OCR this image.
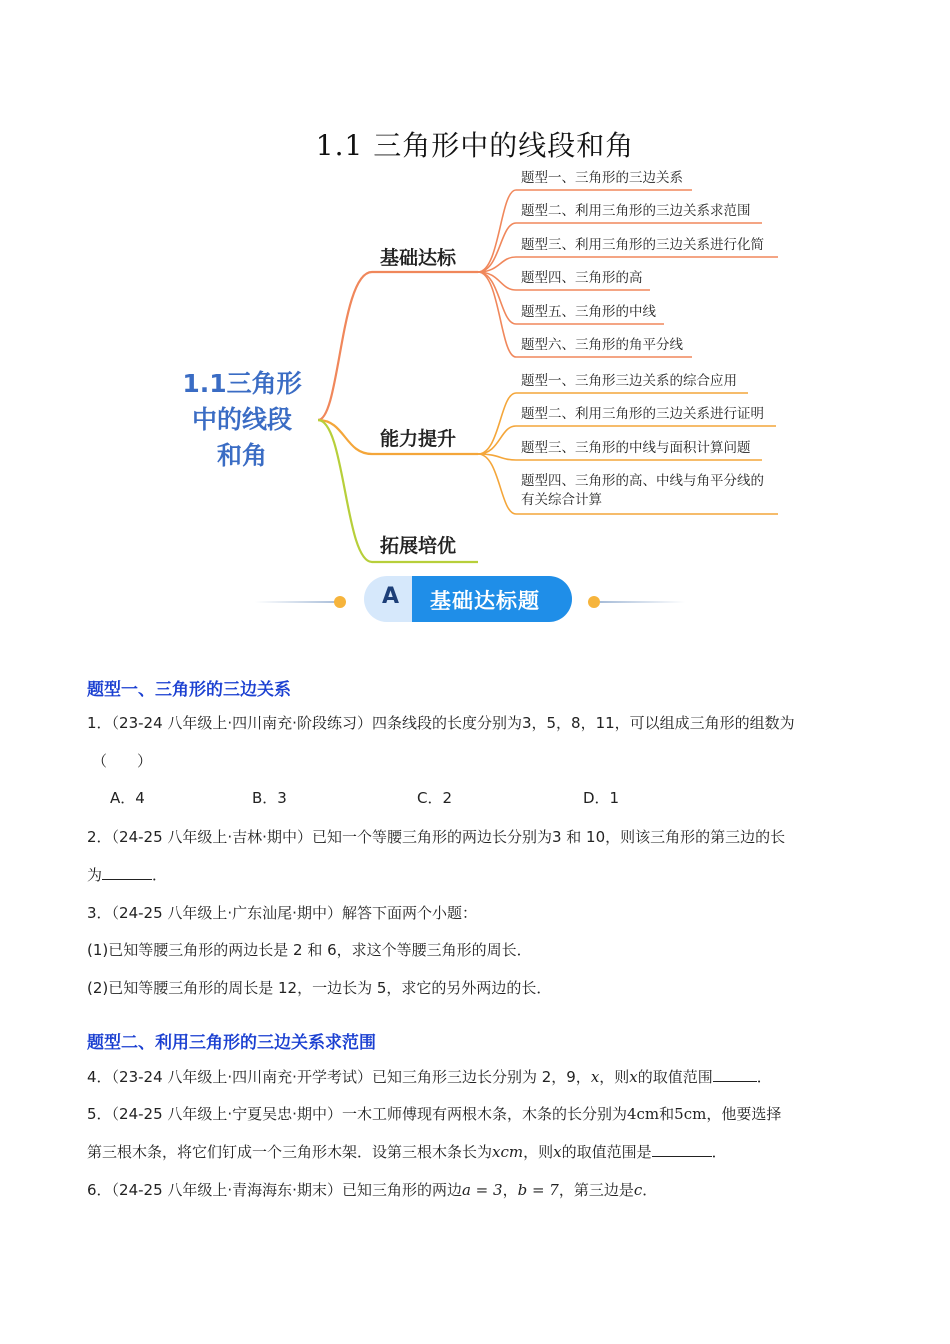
1.1 三角形中的线段和角
1.1三角形
中的线段
和角
基础达标
能力提升
拓展培优
题型一、三角形的三边关系
题型二、利用三角形的三边关系求范围
题型三、利用三角形的三边关系进行化简
题型四、三角形的高
题型五、三角形的中线
题型六、三角形的角平分线
题型一、三角形三边关系的综合应用
题型二、利用三角形的三边关系进行证明
题型三、三角形的中线与面积计算问题
题型四、三角形的高、中线与角平分线的
有关综合计算
A 基础达标题
题型一、三角形的三边关系
1．（23-24 八年级上·四川南充·阶段练习）四条线段的长度分别为3，5，8，11，可以组成三角形的组数为
（　　）
A．4	B．3	C．2	D．1
2．（24-25 八年级上·吉林·期中）已知一个等腰三角形的两边长分别为3 和 10，则该三角形的第三边的长
为	．
3．（24-25 八年级上·广东汕尾·期中）解答下面两个小题：
(1)已知等腰三角形的两边长是 2 和 6，求这个等腰三角形的周长．
(2)已知等腰三角形的周长是 12，一边长为 5，求它的另外两边的长．
题型二、利用三角形的三边关系求范围
4．（23-24 八年级上·四川南充·开学考试）已知三角形三边长分别为 2，9，x，则x的取值范围	．
5．（24-25 八年级上·宁夏吴忠·期中）一木工师傅现有两根木条，木条的长分别为4cm和5cm，他要选择
第三根木条，将它们钉成一个三角形木架．设第三根木条长为xcm，则x的取值范围是	．
6．（24-25 八年级上·青海海东·期末）已知三角形的两边a = 3，b = 7，第三边是c．
